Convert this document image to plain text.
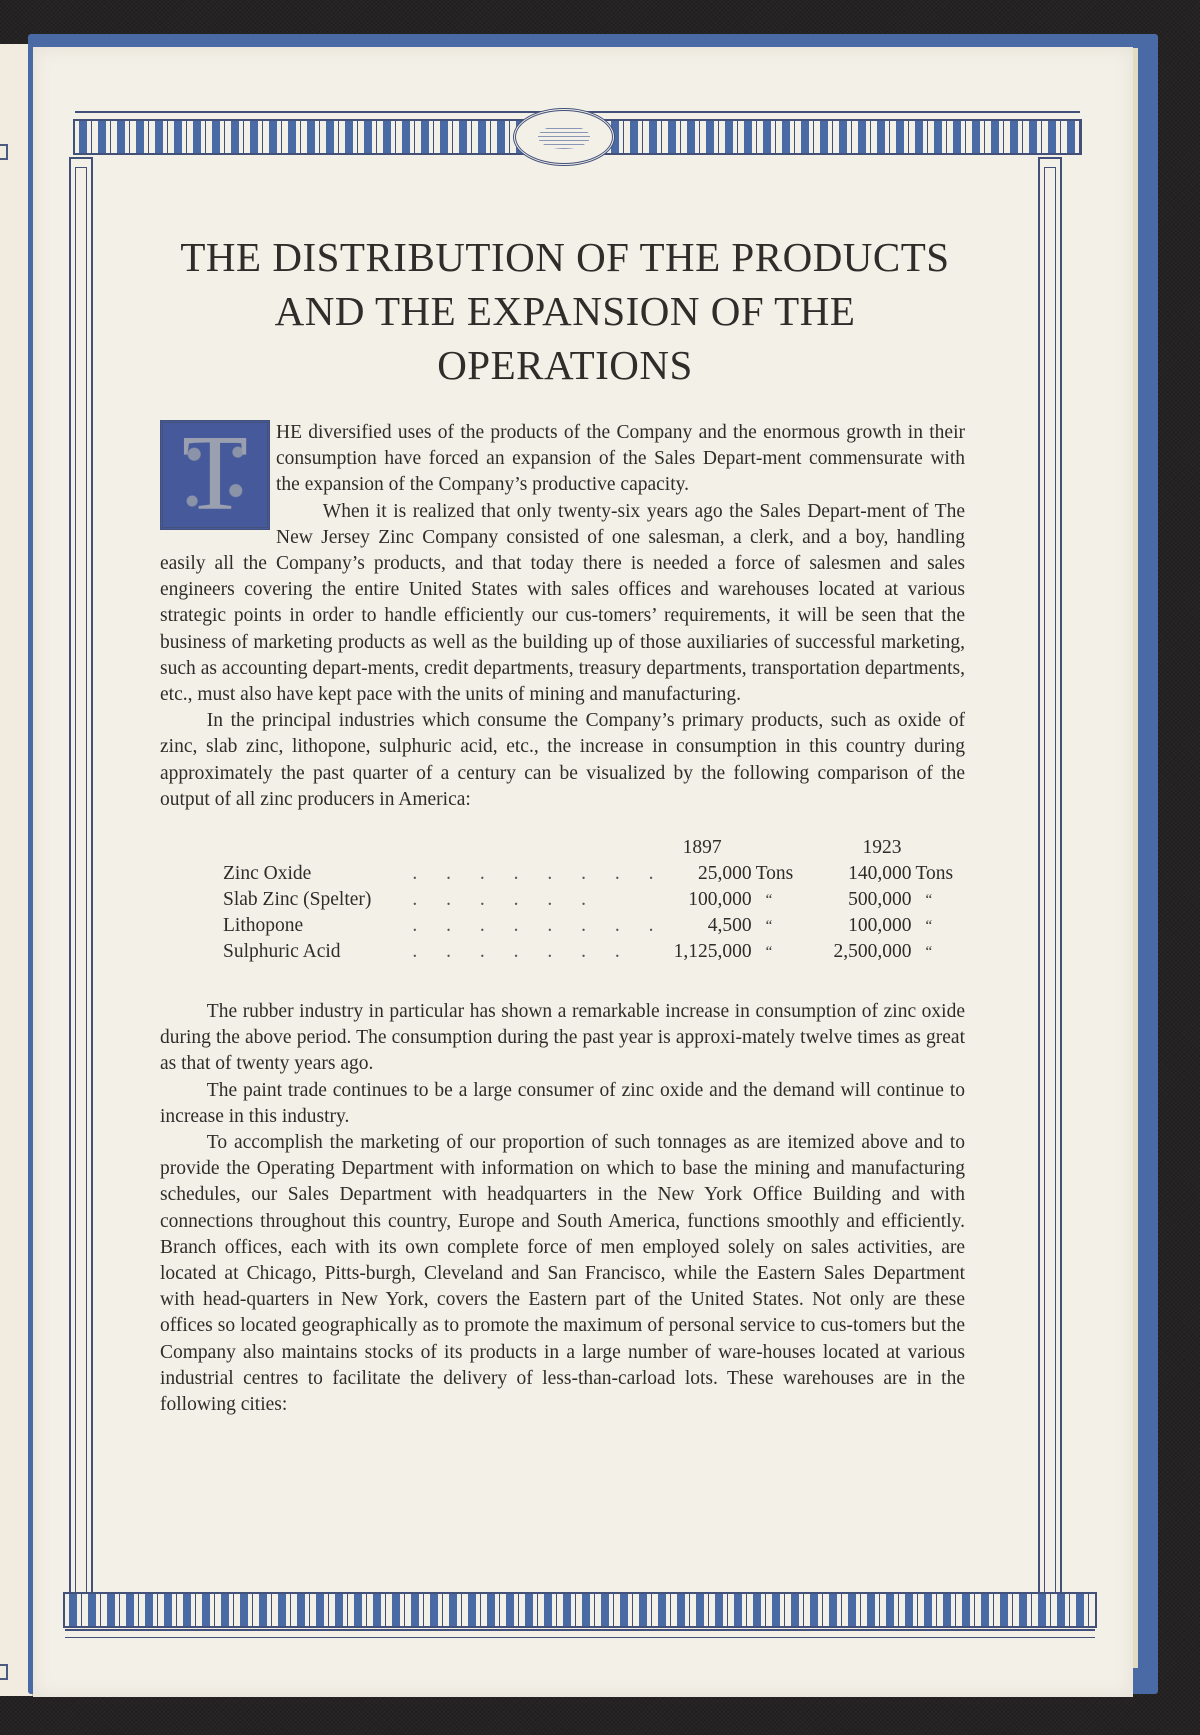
THE DISTRIBUTION OF THE PRODUCTS
AND THE EXPANSION OF THE
OPERATIONS
T	HE diversified uses of the products of the Company and the enormous growth in their consumption have forced an expansion of the Sales Depart‑ment commensurate with the expansion of the Company’s productive capacity.

When it is realized that only twenty‑six years ago the Sales Depart‑ment of The New Jersey Zinc Company consisted of one salesman, a clerk, and a boy, handling easily all the Company’s products, and that today there is needed a force of salesmen and sales engineers covering the entire United States with sales offices and warehouses located at various strategic points in order to handle efficiently our cus‑tomers’ requirements, it will be seen that the business of marketing products as well as the building up of those auxiliaries of successful marketing, such as accounting depart‑ments, credit departments, treasury departments, transportation departments, etc., must also have kept pace with the units of mining and manufacturing.

In the principal industries which consume the Company’s primary products, such as oxide of zinc, slab zinc, lithopone, sulphuric acid, etc., the increase in consumption in this country during approximately the past quarter of a century can be visualized by the following comparison of the output of all zinc producers in America:

		1897		1923	
Zinc Oxide	. . . . . . . .	25,000	Tons	140,000	Tons
Slab Zinc (Spelter)	. . . . . .	100,000	“	500,000	“
Lithopone	. . . . . . . .	4,500	“	100,000	“
Sulphuric Acid	. . . . . . .	1,125,000	“	2,500,000	“

The rubber industry in particular has shown a remarkable increase in consumption of zinc oxide during the above period. The consumption during the past year is approxi‑mately twelve times as great as that of twenty years ago.

The paint trade continues to be a large consumer of zinc oxide and the demand will continue to increase in this industry.

To accomplish the marketing of our proportion of such tonnages as are itemized above and to provide the Operating Department with information on which to base the mining and manufacturing schedules, our Sales Department with headquarters in the New York Office Building and with connections throughout this country, Europe and South America, functions smoothly and efficiently. Branch offices, each with its own complete force of men employed solely on sales activities, are located at Chicago, Pitts‑burgh, Cleveland and San Francisco, while the Eastern Sales Department with head‑quarters in New York, covers the Eastern part of the United States. Not only are these offices so located geographically as to promote the maximum of personal service to cus‑tomers but the Company also maintains stocks of its products in a large number of ware‑houses located at various industrial centres to facilitate the delivery of less‑than‑carload lots. These warehouses are in the following cities:
